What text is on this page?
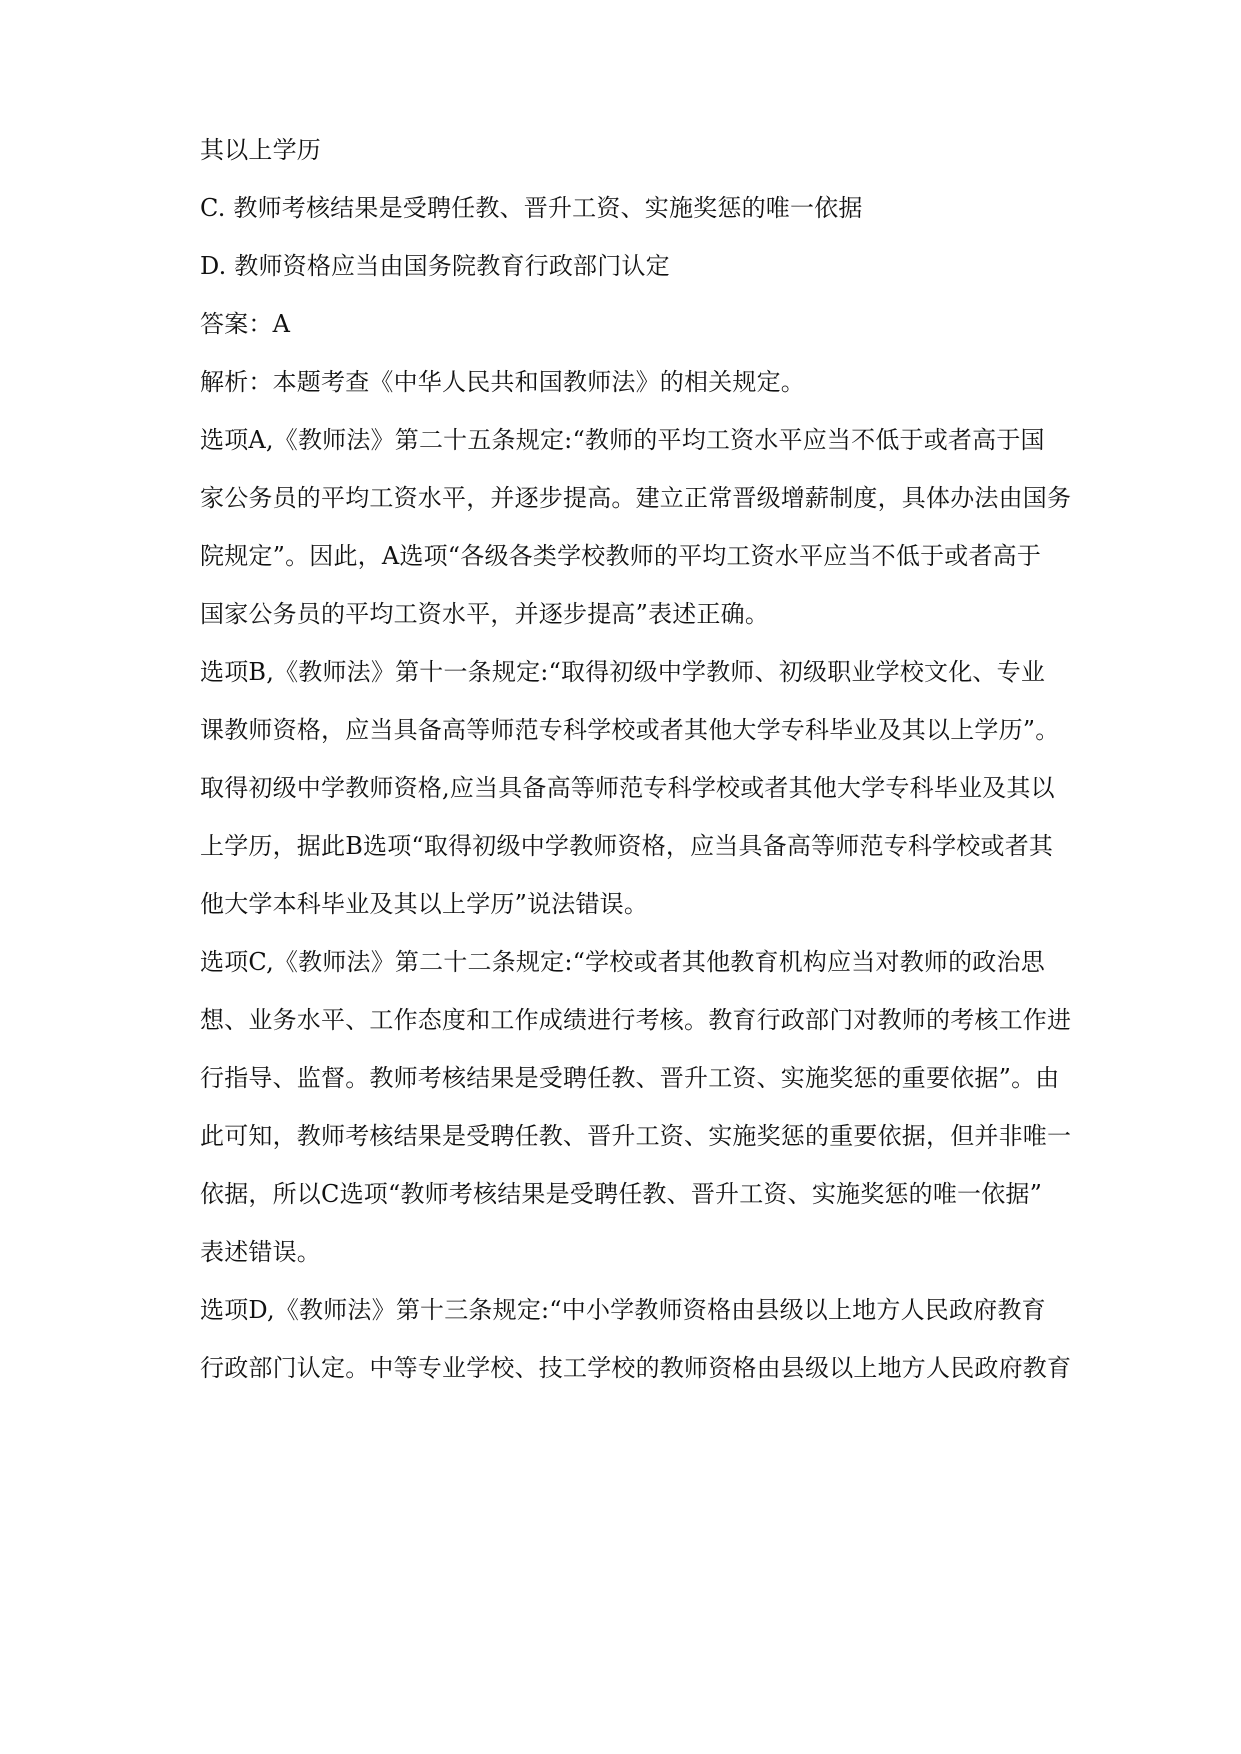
其以上学历
C. 教师考核结果是受聘任教、晋升工资、实施奖惩的唯一依据
D. 教师资格应当由国务院教育行政部门认定
答案：A
解析：本题考查《中华人民共和国教师法》的相关规定。
选项A,《教师法》第二十五条规定:“教师的平均工资水平应当不低于或者高于国
家公务员的平均工资水平，并逐步提高。建立正常晋级增薪制度，具体办法由国务
院规定”。因此，A选项“各级各类学校教师的平均工资水平应当不低于或者高于
国家公务员的平均工资水平，并逐步提高”表述正确。
选项B,《教师法》第十一条规定:“取得初级中学教师、初级职业学校文化、专业
课教师资格，应当具备高等师范专科学校或者其他大学专科毕业及其以上学历”。
取得初级中学教师资格,应当具备高等师范专科学校或者其他大学专科毕业及其以
上学历，据此B选项“取得初级中学教师资格，应当具备高等师范专科学校或者其
他大学本科毕业及其以上学历”说法错误。
选项C,《教师法》第二十二条规定:“学校或者其他教育机构应当对教师的政治思
想、业务水平、工作态度和工作成绩进行考核。教育行政部门对教师的考核工作进
行指导、监督。教师考核结果是受聘任教、晋升工资、实施奖惩的重要依据”。由
此可知，教师考核结果是受聘任教、晋升工资、实施奖惩的重要依据，但并非唯一
依据，所以C选项“教师考核结果是受聘任教、晋升工资、实施奖惩的唯一依据”
表述错误。
选项D,《教师法》第十三条规定:“中小学教师资格由县级以上地方人民政府教育
行政部门认定。中等专业学校、技工学校的教师资格由县级以上地方人民政府教育
